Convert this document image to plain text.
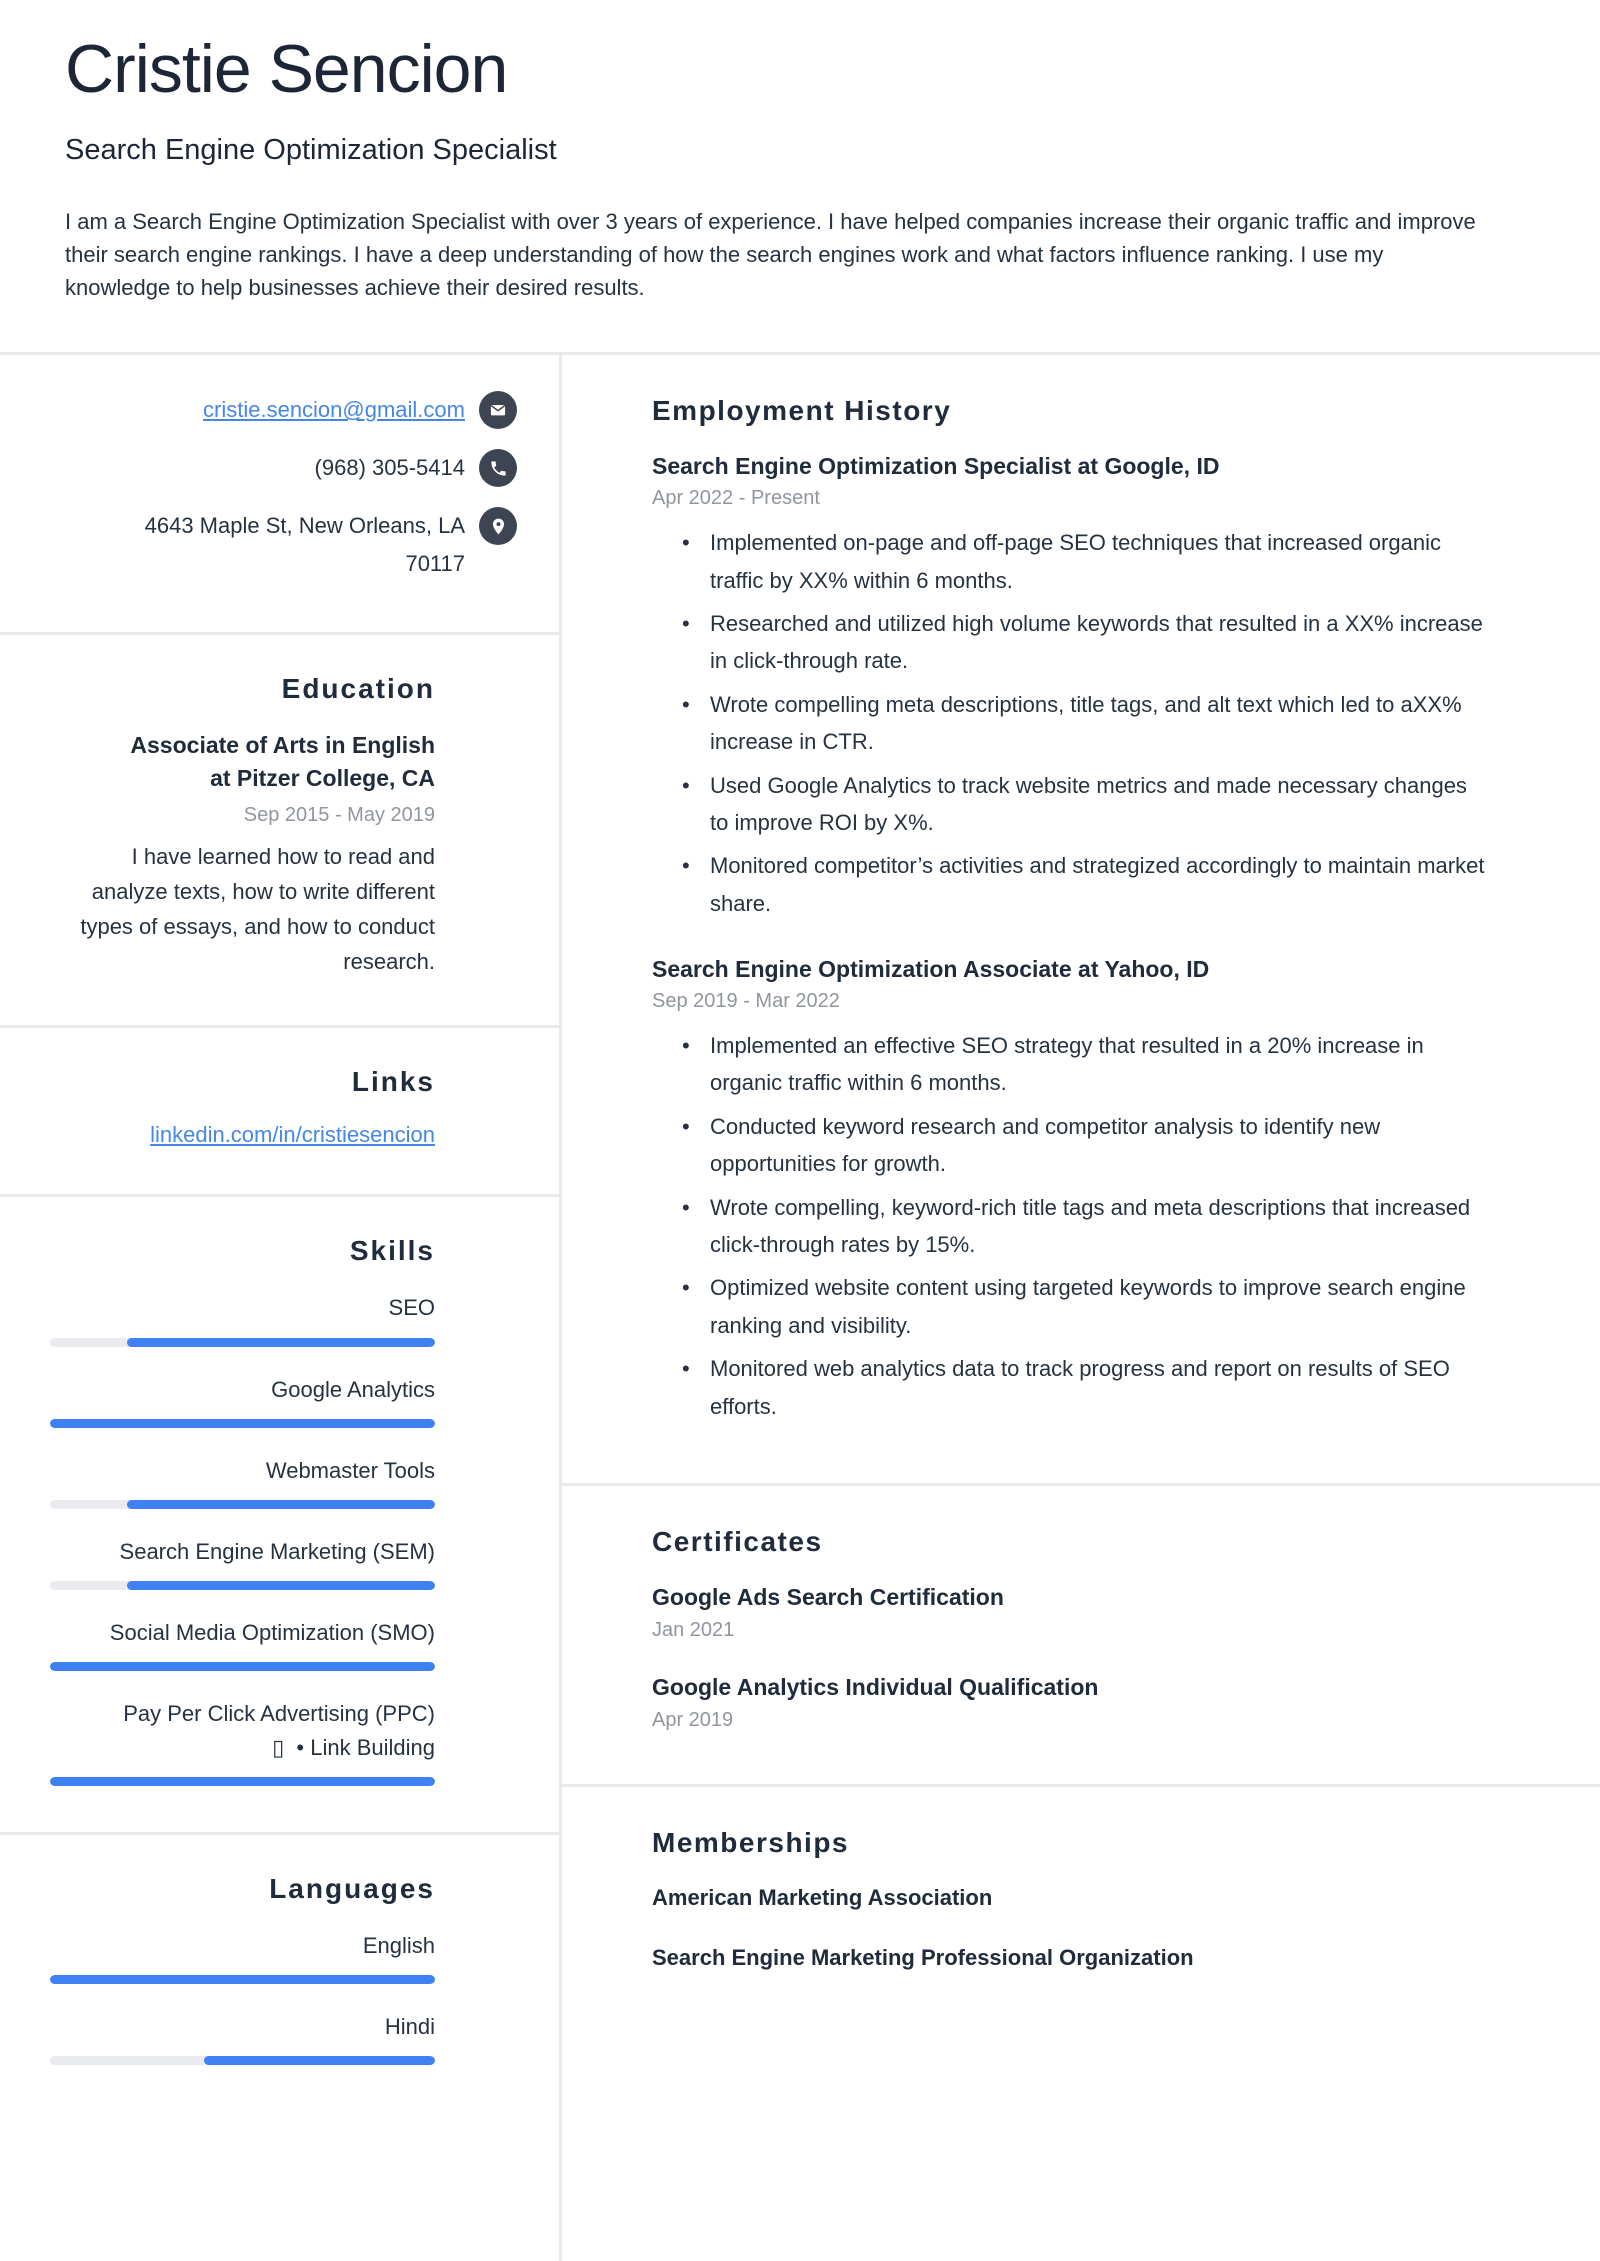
Cristie Sencion
Search Engine Optimization Specialist
I am a Search Engine Optimization Specialist with over 3 years of experience. I have helped companies increase their organic traffic and improve their search engine rankings. I have a deep understanding of how the search engines work and what factors influence ranking. I use my knowledge to help businesses achieve their desired results.
cristie.sencion@gmail.com
(968) 305-5414
4643 Maple St, New Orleans, LA
70117
Education
Associate of Arts in English
at Pitzer College, CA
Sep 2015 - May 2019
I have learned how to read and analyze texts, how to write different types of essays, and how to conduct research.
Links
linkedin.com/in/cristiesencion
Skills
SEO
Google Analytics
Webmaster Tools
Search Engine Marketing (SEM)
Social Media Optimization (SMO)
Pay Per Click Advertising (PPC)
▯  • Link Building
Languages
English
Hindi
Employment History
Search Engine Optimization Specialist at Google, ID
Apr 2022 - Present
• Implemented on-page and off-page SEO techniques that increased organic traffic by XX% within 6 months.
• Researched and utilized high volume keywords that resulted in a XX% increase in click-through rate.
• Wrote compelling meta descriptions, title tags, and alt text which led to aXX% increase in CTR.
• Used Google Analytics to track website metrics and made necessary changes to improve ROI by X%.
• Monitored competitor’s activities and strategized accordingly to maintain market share.
Search Engine Optimization Associate at Yahoo, ID
Sep 2019 - Mar 2022
• Implemented an effective SEO strategy that resulted in a 20% increase in organic traffic within 6 months.
• Conducted keyword research and competitor analysis to identify new opportunities for growth.
• Wrote compelling, keyword-rich title tags and meta descriptions that increased click-through rates by 15%.
• Optimized website content using targeted keywords to improve search engine ranking and visibility.
• Monitored web analytics data to track progress and report on results of SEO efforts.
Certificates
Google Ads Search Certification
Jan 2021
Google Analytics Individual Qualification
Apr 2019
Memberships
American Marketing Association
Search Engine Marketing Professional Organization
